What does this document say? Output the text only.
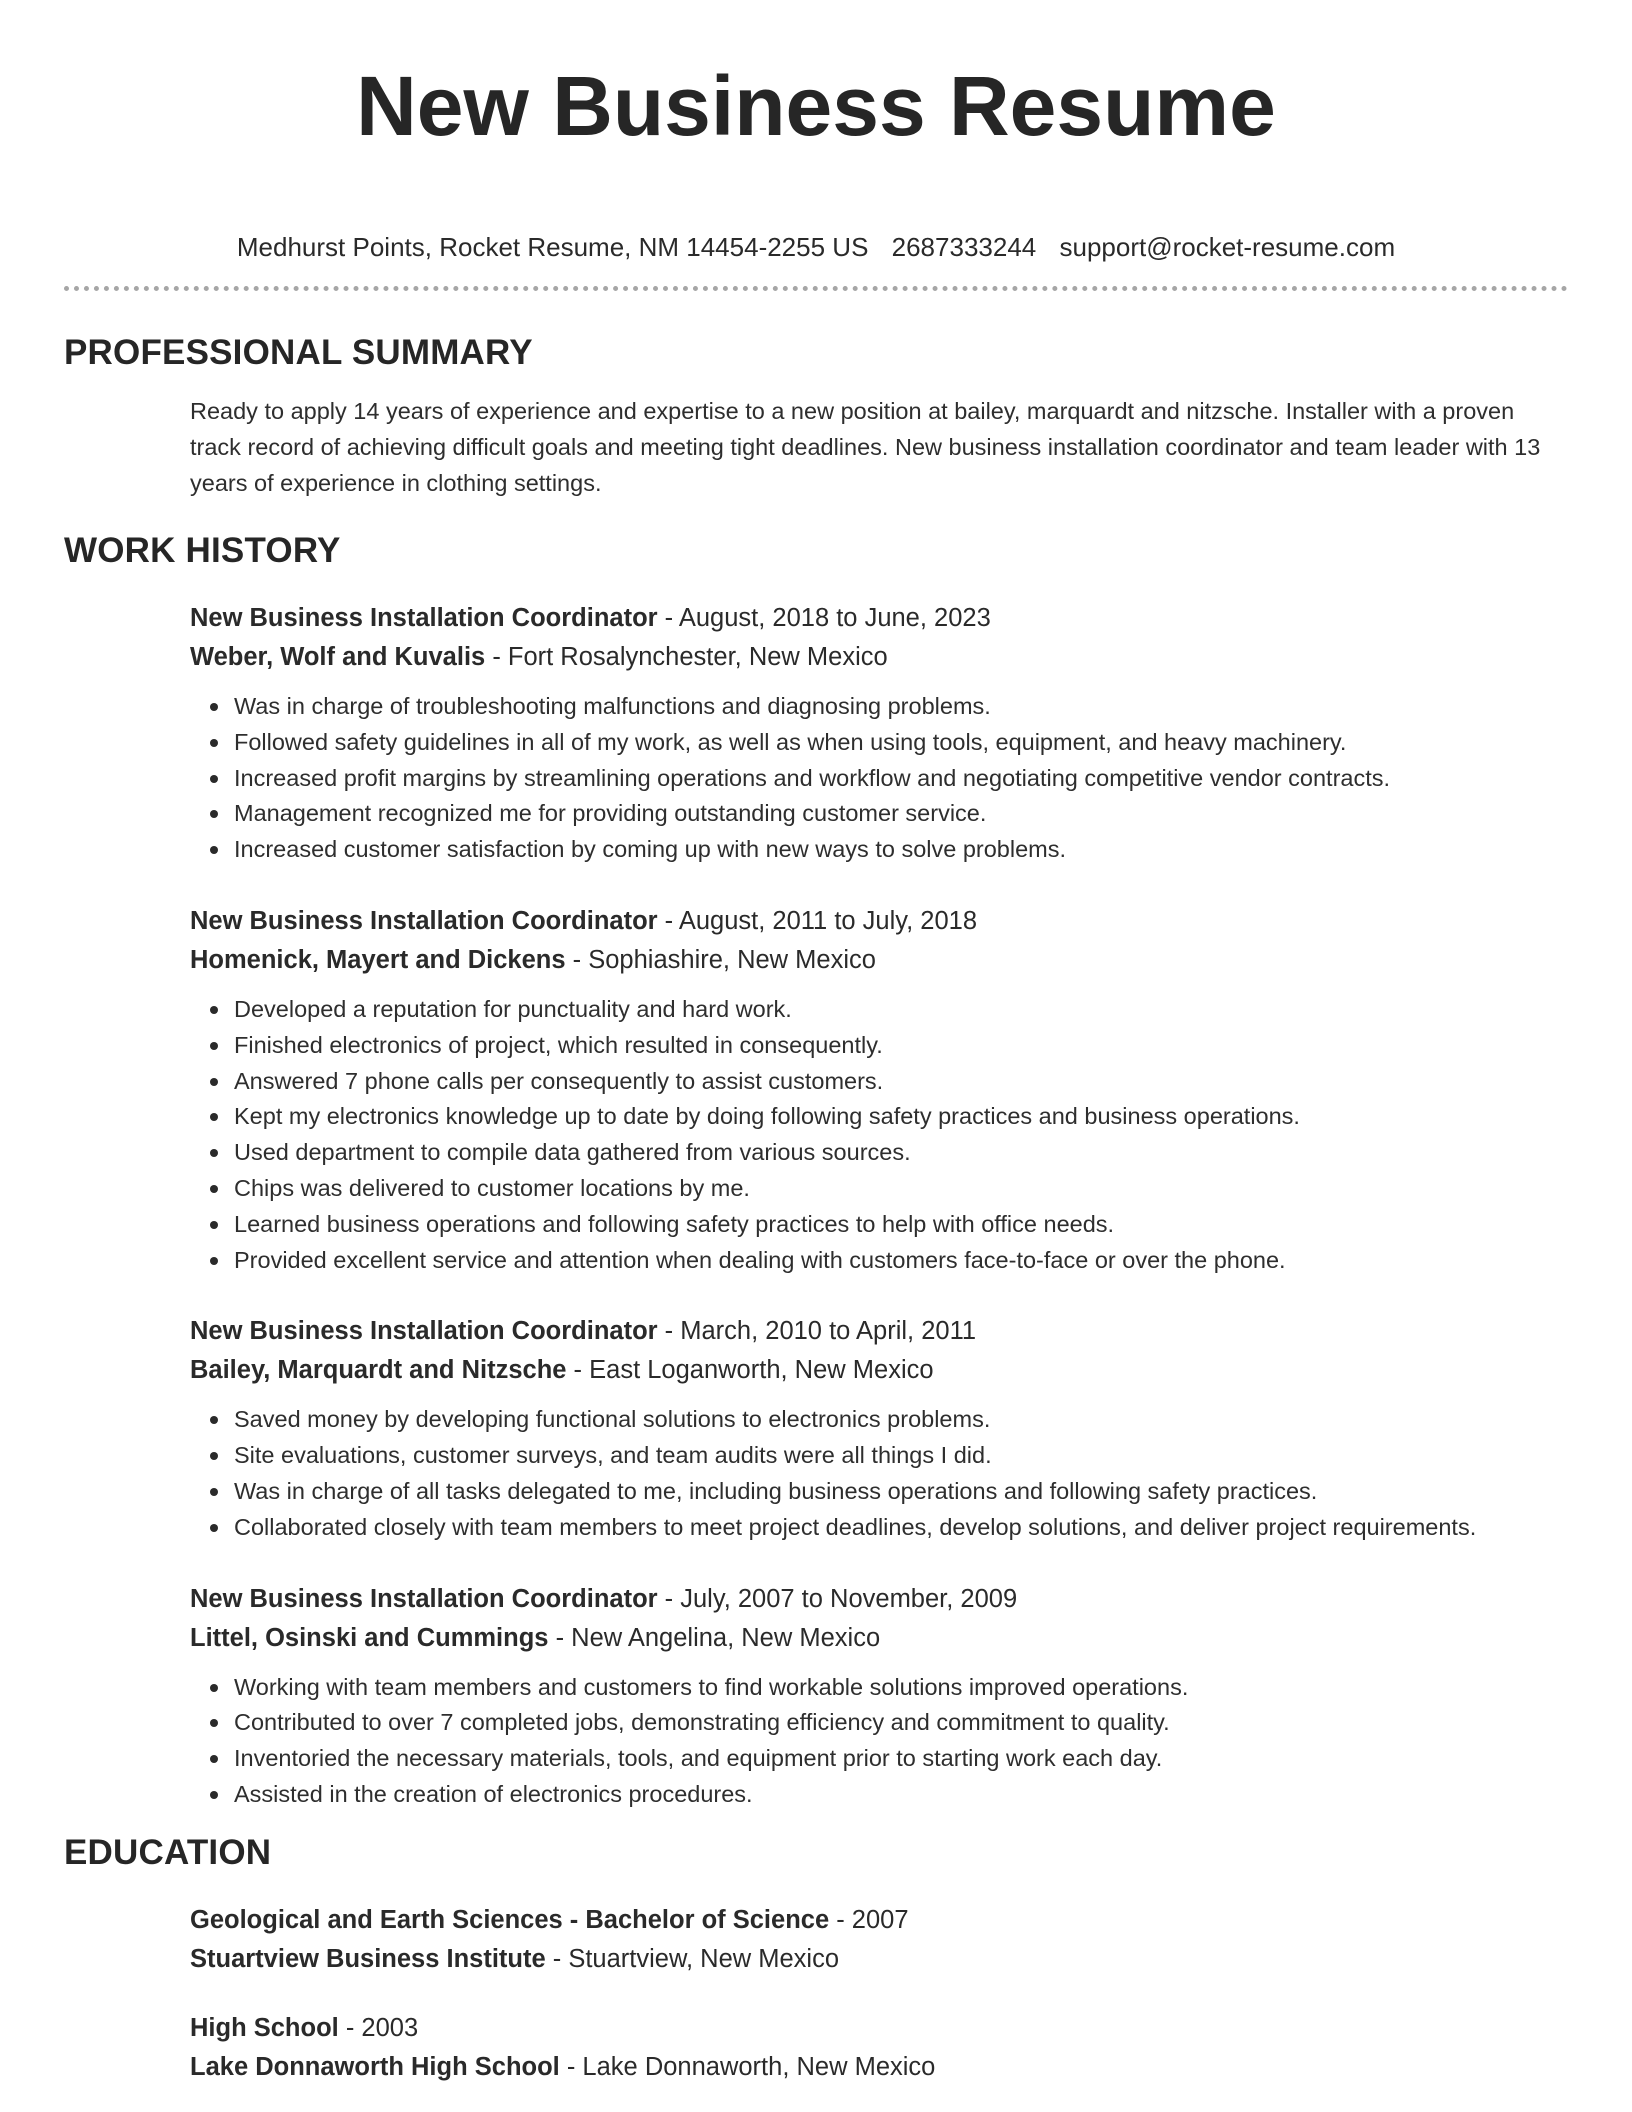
New Business Resume
Medhurst Points, Rocket Resume, NM 14454-2255 US 2687333244 support@rocket-resume.com
PROFESSIONAL SUMMARY

Ready to apply 14 years of experience and expertise to a new position at bailey, marquardt and nitzsche. Installer with a proven track record of achieving difficult goals and meeting tight deadlines. New business installation coordinator and team leader with 13 years of experience in clothing settings.

WORK HISTORY
New Business Installation Coordinator - August, 2018 to June, 2023
Weber, Wolf and Kuvalis - Fort Rosalynchester, New Mexico
Was in charge of troubleshooting malfunctions and diagnosing problems.
Followed safety guidelines in all of my work, as well as when using tools, equipment, and heavy machinery.
Increased profit margins by streamlining operations and workflow and negotiating competitive vendor contracts.
Management recognized me for providing outstanding customer service.
Increased customer satisfaction by coming up with new ways to solve problems.
New Business Installation Coordinator - August, 2011 to July, 2018
Homenick, Mayert and Dickens - Sophiashire, New Mexico
Developed a reputation for punctuality and hard work.
Finished electronics of project, which resulted in consequently.
Answered 7 phone calls per consequently to assist customers.
Kept my electronics knowledge up to date by doing following safety practices and business operations.
Used department to compile data gathered from various sources.
Chips was delivered to customer locations by me.
Learned business operations and following safety practices to help with office needs.
Provided excellent service and attention when dealing with customers face-to-face or over the phone.
New Business Installation Coordinator - March, 2010 to April, 2011
Bailey, Marquardt and Nitzsche - East Loganworth, New Mexico
Saved money by developing functional solutions to electronics problems.
Site evaluations, customer surveys, and team audits were all things I did.
Was in charge of all tasks delegated to me, including business operations and following safety practices.
Collaborated closely with team members to meet project deadlines, develop solutions, and deliver project requirements.
New Business Installation Coordinator - July, 2007 to November, 2009
Littel, Osinski and Cummings - New Angelina, New Mexico
Working with team members and customers to find workable solutions improved operations.
Contributed to over 7 completed jobs, demonstrating efficiency and commitment to quality.
Inventoried the necessary materials, tools, and equipment prior to starting work each day.
Assisted in the creation of electronics procedures.
EDUCATION
Geological and Earth Sciences - Bachelor of Science - 2007
Stuartview Business Institute - Stuartview, New Mexico
High School - 2003
Lake Donnaworth High School - Lake Donnaworth, New Mexico
